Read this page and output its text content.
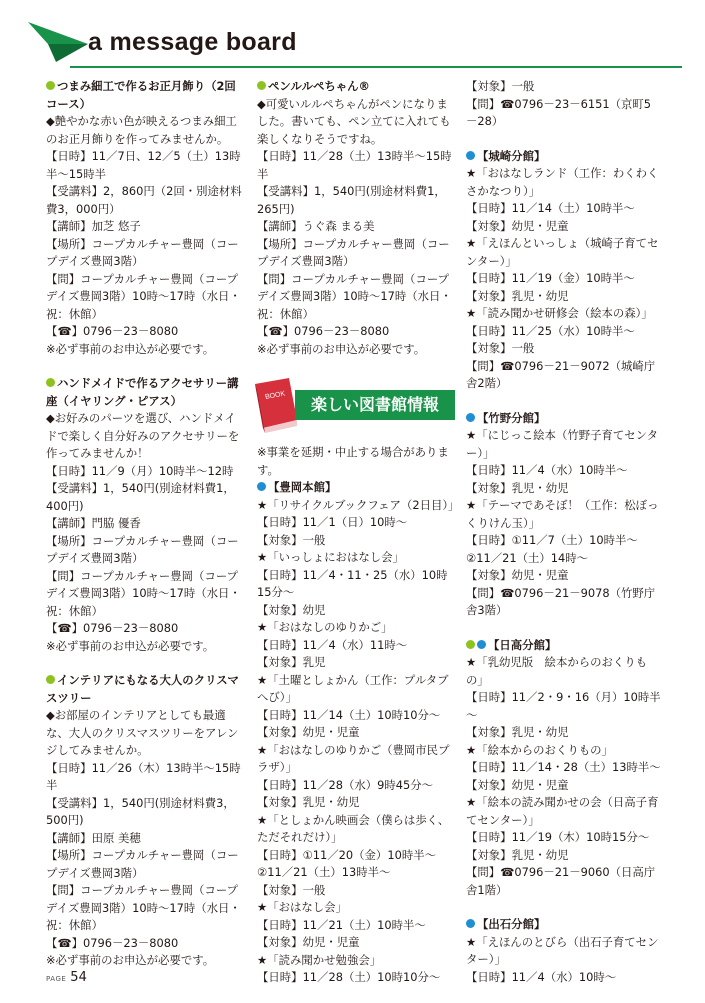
a message board
つまみ細工で作るお正月飾り（2回コース）
◆艶やかな赤い色が映えるつまみ細工のお正月飾りを作ってみませんか。
【日時】11／7日、12／5（土）13時半～15時半
【受講料】2，860円（2回・別途材料費3，000円）
【講師】加芝 悠子
【場所】コープカルチャー豊岡（コープデイズ豊岡3階）
【問】コープカルチャー豊岡（コープデイズ豊岡3階）10時～17時（水日・祝：休館）
【☎】0796－23－8080
※必ず事前のお申込が必要です。
ハンドメイドで作るアクセサリー講座（イヤリング・ピアス）
◆お好みのパーツを選び、ハンドメイドで楽しく自分好みのアクセサリーを作ってみませんか！
【日時】11／9（月）10時半～12時
【受講料】1，540円(別途材料費1，400円)
【講師】門脇 優香
【場所】コープカルチャー豊岡（コープデイズ豊岡3階）
【問】コープカルチャー豊岡（コープデイズ豊岡3階）10時～17時（水日・祝：休館）
【☎】0796－23－8080
※必ず事前のお申込が必要です。
インテリアにもなる大人のクリスマスツリー
◆お部屋のインテリアとしても最適な、大人のクリスマスツリーをアレンジしてみませんか。
【日時】11／26（木）13時半～15時半
【受講料】1，540円(別途材料費3，500円)
【講師】田原 美穂
【場所】コープカルチャー豊岡（コープデイズ豊岡3階）
【問】コープカルチャー豊岡（コープデイズ豊岡3階）10時～17時（水日・祝：休館）
【☎】0796－23－8080
※必ず事前のお申込が必要です。
ペンルルペちゃん®
◆可愛いルルペちゃんがペンになりました。書いても、ペン立てに入れても楽しくなりそうですね。
【日時】11／28（土）13時半～15時半
【受講料】1，540円(別途材料費1，265円)
【講師】うぐ森 まる美
【場所】コープカルチャー豊岡（コープデイズ豊岡3階）
【問】コープカルチャー豊岡（コープデイズ豊岡3階）10時～17時（水日・祝：休館）
【☎】0796－23－8080
※必ず事前のお申込が必要です。
BOOK	楽しい図書館情報
※事業を延期・中止する場合があります。
【豊岡本館】
★「リサイクルブックフェア（2日目）」
【日時】11／1（日）10時～
【対象】一般
★「いっしょにおはなし会」
【日時】11／4・11・25（水）10時15分～
【対象】幼児
★「おはなしのゆりかご」
【日時】11／4（水）11時～
【対象】乳児
★「土曜としょかん（工作：プルタブへび）」
【日時】11／14（土）10時10分～
【対象】幼児・児童
★「おはなしのゆりかご（豊岡市民プラザ）」
【日時】11／28（水）9時45分～
【対象】乳児・幼児
★「としょかん映画会（僕らは歩く、ただそれだけ）」
【日時】①11／20（金）10時半～②11／21（土）13時半～
【対象】一般
★「おはなし会」
【日時】11／21（土）10時半～
【対象】幼児・児童
★「読み聞かせ勉強会」
【日時】11／28（土）10時10分～
【対象】一般
【問】☎0796－23－6151（京町5－28）
【城崎分館】
★「おはなしランド（工作：わくわくさかなつり）」
【日時】11／14（土）10時半～
【対象】幼児・児童
★「えほんといっしょ（城崎子育てセンター）」
【日時】11／19（金）10時半～
【対象】乳児・幼児
★「読み聞かせ研修会（絵本の森）」
【日時】11／25（水）10時半～
【対象】一般
【問】☎0796－21－9072（城崎庁舎2階）
【竹野分館】
★「にじっこ絵本（竹野子育てセンター）」
【日時】11／4（水）10時半～
【対象】乳児・幼児
★「テーマであそぼ！（工作：松ぼっくりけん玉）」
【日時】①11／7（土）10時半～②11／21（土）14時～
【対象】幼児・児童
【問】☎0796－21－9078（竹野庁舎3階）
【日高分館】
★「乳幼児版　絵本からのおくりもの」
【日時】11／2・9・16（月）10時半～
【対象】乳児・幼児
★「絵本からのおくりもの」
【日時】11／14・28（土）13時半～
【対象】幼児・児童
★「絵本の読み聞かせの会（日高子育てセンター）」
【日時】11／19（木）10時15分～
【対象】乳児・幼児
【問】☎0796－21－9060（日高庁舎1階）
【出石分館】
★「えほんのとびら（出石子育てセンター）」
【日時】11／4（水）10時～
PAGE 54
